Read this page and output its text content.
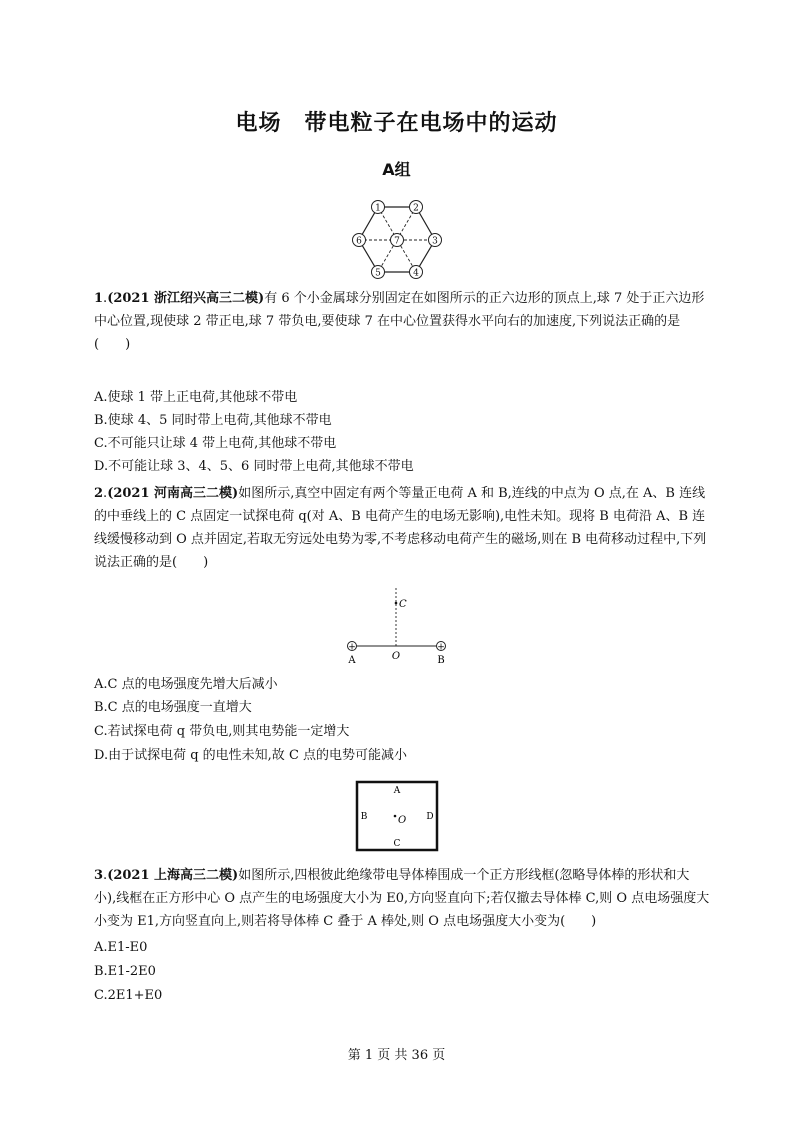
电场　带电粒子在电场中的运动
A组
1	2
3
4
5
6	7
1.(2021 浙江绍兴高三二模)有 6 个小金属球分别固定在如图所示的正六边形的顶点上,球 7 处于正六边形中心位置,现使球 2 带正电,球 7 带负电,要使球 7 在中心位置获得水平向右的加速度,下列说法正确的是(　　)
A.使球 1 带上正电荷,其他球不带电
B.使球 4、5 同时带上电荷,其他球不带电
C.不可能只让球 4 带上电荷,其他球不带电
D.不可能让球 3、4、5、6 同时带上电荷,其他球不带电
2.(2021 河南高三二模)如图所示,真空中固定有两个等量正电荷 A 和 B,连线的中点为 O 点,在 A、B 连线的中垂线上的 C 点固定一试探电荷 q(对 A、B 电荷产生的电场无影响),电性未知。现将 B 电荷沿 A、B 连线缓慢移动到 O 点并固定,若取无穷远处电势为零,不考虑移动电荷产生的磁场,则在 B 电荷移动过程中,下列说法正确的是(　　)
C
+	+
A	O	B
A.C 点的电场强度先增大后减小
B.C 点的电场强度一直增大
C.若试探电荷 q 带负电,则其电势能一定增大
D.由于试探电荷 q 的电性未知,故 C 点的电势可能减小
A
B	D
C
O
3.(2021 上海高三二模)如图所示,四根彼此绝缘带电导体棒围成一个正方形线框(忽略导体棒的形状和大小),线框在正方形中心 O 点产生的电场强度大小为 E0,方向竖直向下;若仅撤去导体棒 C,则 O 点电场强度大小变为 E1,方向竖直向上,则若将导体棒 C 叠于 A 棒处,则 O 点电场强度大小变为(　　)
A.E1-E0
B.E1-2E0
C.2E1+E0
第 1 页 共 36 页
